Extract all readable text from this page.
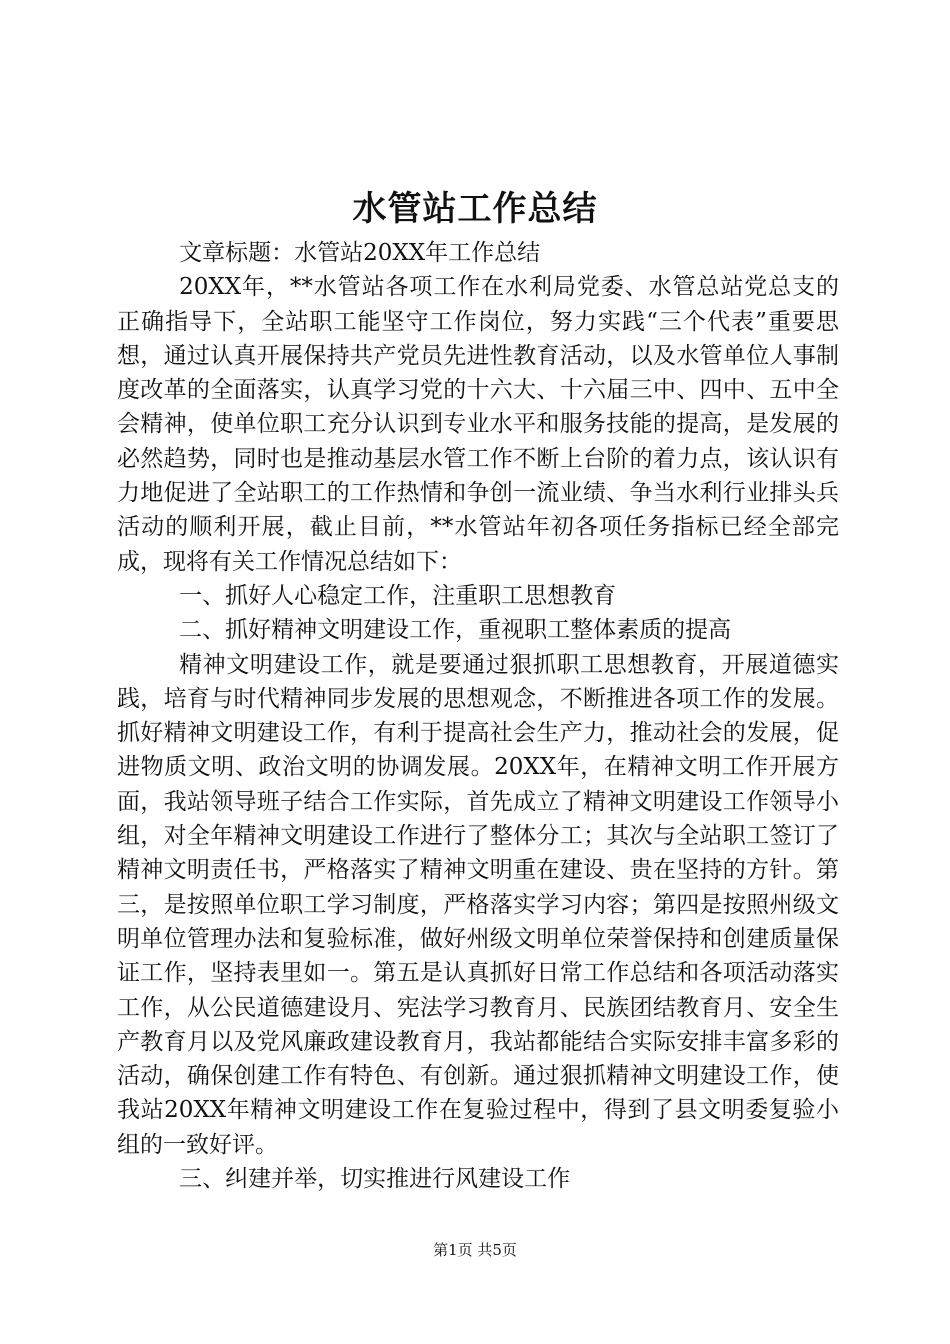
水管站工作总结

文章标题：水管站20XX年工作总结

20XX年，**水管站各项工作在水利局党委、水管总站党总支的正确指导下，全站职工能坚守工作岗位，努力实践“三个代表”重要思想，通过认真开展保持共产党员先进性教育活动，以及水管单位人事制度改革的全面落实，认真学习党的十六大、十六届三中、四中、五中全会精神，使单位职工充分认识到专业水平和服务技能的提高，是发展的必然趋势，同时也是推动基层水管工作不断上台阶的着力点，该认识有力地促进了全站职工的工作热情和争创一流业绩、争当水利行业排头兵活动的顺利开展，截止目前，**水管站年初各项任务指标已经全部完成，现将有关工作情况总结如下：

一、抓好人心稳定工作，注重职工思想教育

二、抓好精神文明建设工作，重视职工整体素质的提高

精神文明建设工作，就是要通过狠抓职工思想教育，开展道德实践，培育与时代精神同步发展的思想观念，不断推进各项工作的发展。抓好精神文明建设工作，有利于提高社会生产力，推动社会的发展，促进物质文明、政治文明的协调发展。20XX年，在精神文明工作开展方面，我站领导班子结合工作实际，首先成立了精神文明建设工作领导小组，对全年精神文明建设工作进行了整体分工；其次与全站职工签订了精神文明责任书，严格落实了精神文明重在建设、贵在坚持的方针。第三，是按照单位职工学习制度，严格落实学习内容；第四是按照州级文明单位管理办法和复验标准，做好州级文明单位荣誉保持和创建质量保证工作，坚持表里如一。第五是认真抓好日常工作总结和各项活动落实工作，从公民道德建设月、宪法学习教育月、民族团结教育月、安全生产教育月以及党风廉政建设教育月，我站都能结合实际安排丰富多彩的活动，确保创建工作有特色、有创新。通过狠抓精神文明建设工作，使我站20XX年精神文明建设工作在复验过程中，得到了县文明委复验小组的一致好评。

三、纠建并举，切实推进行风建设工作

第1页 共5页
